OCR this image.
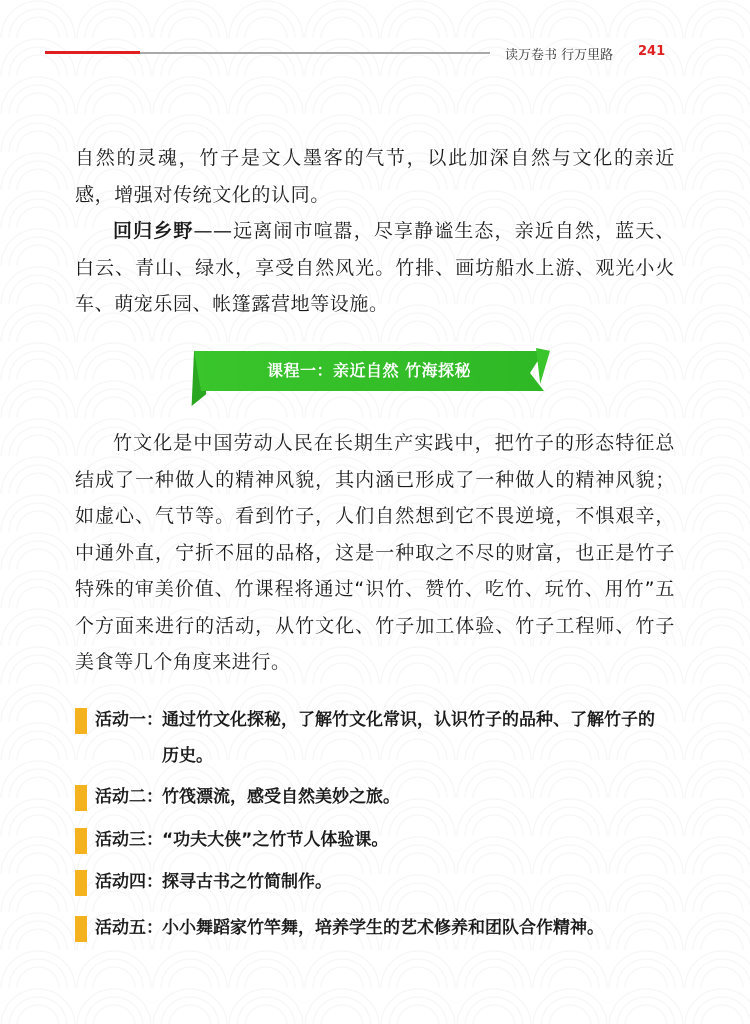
读万卷书 行万里路 241

自然的灵魂，竹子是文人墨客的气节，以此加深自然与文化的亲近感，增强对传统文化的认同。

回归乡野——远离闹市喧嚣，尽享静谧生态，亲近自然，蓝天、白云、青山、绿水，享受自然风光。竹排、画坊船水上游、观光小火车、萌宠乐园、帐篷露营地等设施。

课程一：亲近自然 竹海探秘

竹文化是中国劳动人民在长期生产实践中，把竹子的形态特征总结成了一种做人的精神风貌，其内涵已形成了一种做人的精神风貌；如虚心、气节等。看到竹子，人们自然想到它不畏逆境，不惧艰辛，中通外直，宁折不屈的品格，这是一种取之不尽的财富，也正是竹子特殊的审美价值、竹课程将通过“识竹、赞竹、吃竹、玩竹、用竹”五个方面来进行的活动，从竹文化、竹子加工体验、竹子工程师、竹子美食等几个角度来进行。

活动一： 通过竹文化探秘，了解竹文化常识，认识竹子的品种、了解竹子的历史。
活动二： 竹筏漂流，感受自然美妙之旅。
活动三： “功夫大侠”之竹节人体验课。
活动四： 探寻古书之竹简制作。
活动五： 小小舞蹈家竹竿舞，培养学生的艺术修养和团队合作精神。
